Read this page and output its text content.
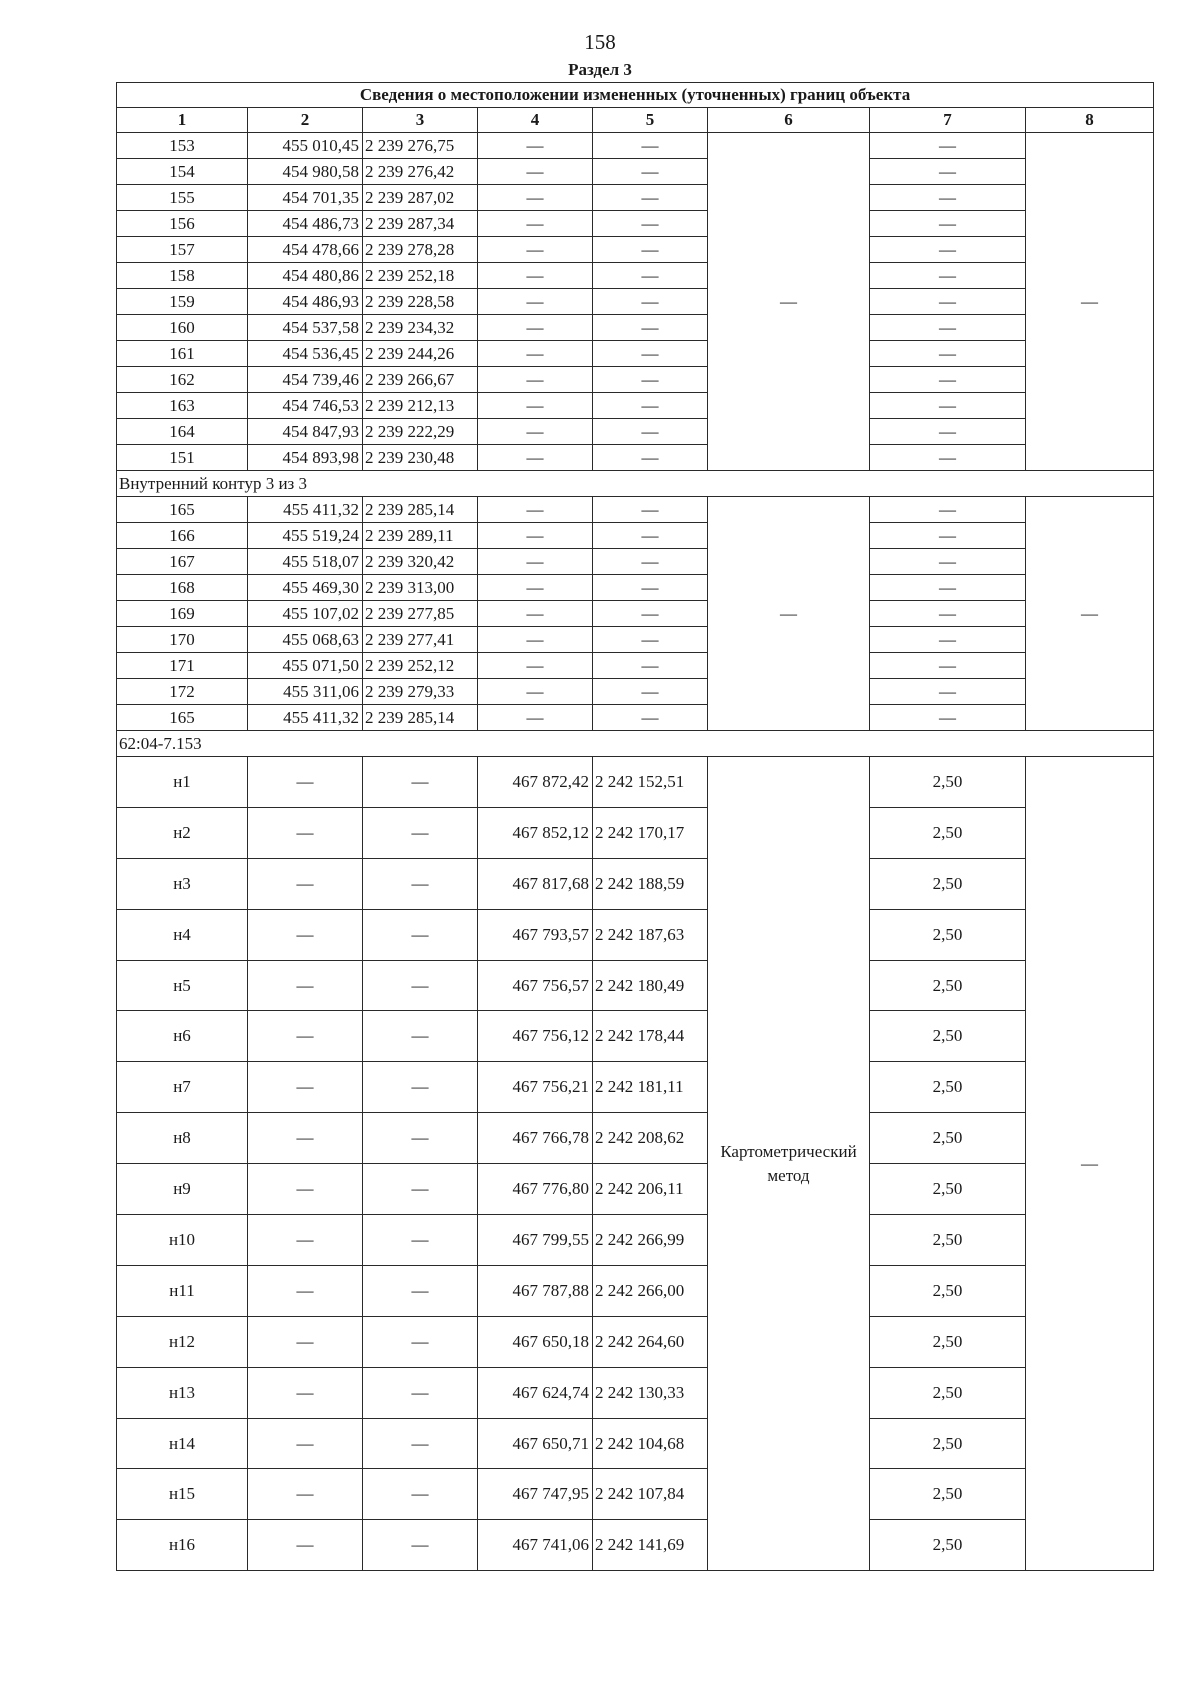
158
Раздел 3
Сведения о местоположении измененных (уточненных) границ объекта							
1	2	3	4	5	6	7	8
153	455 010,45	2 239 276,75	—	—	—	—	—
154	454 980,58	2 239 276,42	—	—		—	
155	454 701,35	2 239 287,02	—	—		—	
156	454 486,73	2 239 287,34	—	—		—	
157	454 478,66	2 239 278,28	—	—		—	
158	454 480,86	2 239 252,18	—	—		—	
159	454 486,93	2 239 228,58	—	—		—	
160	454 537,58	2 239 234,32	—	—		—	
161	454 536,45	2 239 244,26	—	—		—	
162	454 739,46	2 239 266,67	—	—		—	
163	454 746,53	2 239 212,13	—	—		—	
164	454 847,93	2 239 222,29	—	—		—	
151	454 893,98	2 239 230,48	—	—		—	
Внутренний контур 3 из 3							
165	455 411,32	2 239 285,14	—	—	—	—	—
166	455 519,24	2 239 289,11	—	—		—	
167	455 518,07	2 239 320,42	—	—		—	
168	455 469,30	2 239 313,00	—	—		—	
169	455 107,02	2 239 277,85	—	—		—	
170	455 068,63	2 239 277,41	—	—		—	
171	455 071,50	2 239 252,12	—	—		—	
172	455 311,06	2 239 279,33	—	—		—	
165	455 411,32	2 239 285,14	—	—		—	
62:04-7.153							
н1	—	—	467 872,42	2 242 152,51	Картометрический метод	2,50	—
н2	—	—	467 852,12	2 242 170,17		2,50	
н3	—	—	467 817,68	2 242 188,59		2,50	
н4	—	—	467 793,57	2 242 187,63		2,50	
н5	—	—	467 756,57	2 242 180,49		2,50	
н6	—	—	467 756,12	2 242 178,44		2,50	
н7	—	—	467 756,21	2 242 181,11		2,50	
н8	—	—	467 766,78	2 242 208,62		2,50	
н9	—	—	467 776,80	2 242 206,11		2,50	
н10	—	—	467 799,55	2 242 266,99		2,50	
н11	—	—	467 787,88	2 242 266,00		2,50	
н12	—	—	467 650,18	2 242 264,60		2,50	
н13	—	—	467 624,74	2 242 130,33		2,50	
н14	—	—	467 650,71	2 242 104,68		2,50	
н15	—	—	467 747,95	2 242 107,84		2,50	
н16	—	—	467 741,06	2 242 141,69		2,50	
